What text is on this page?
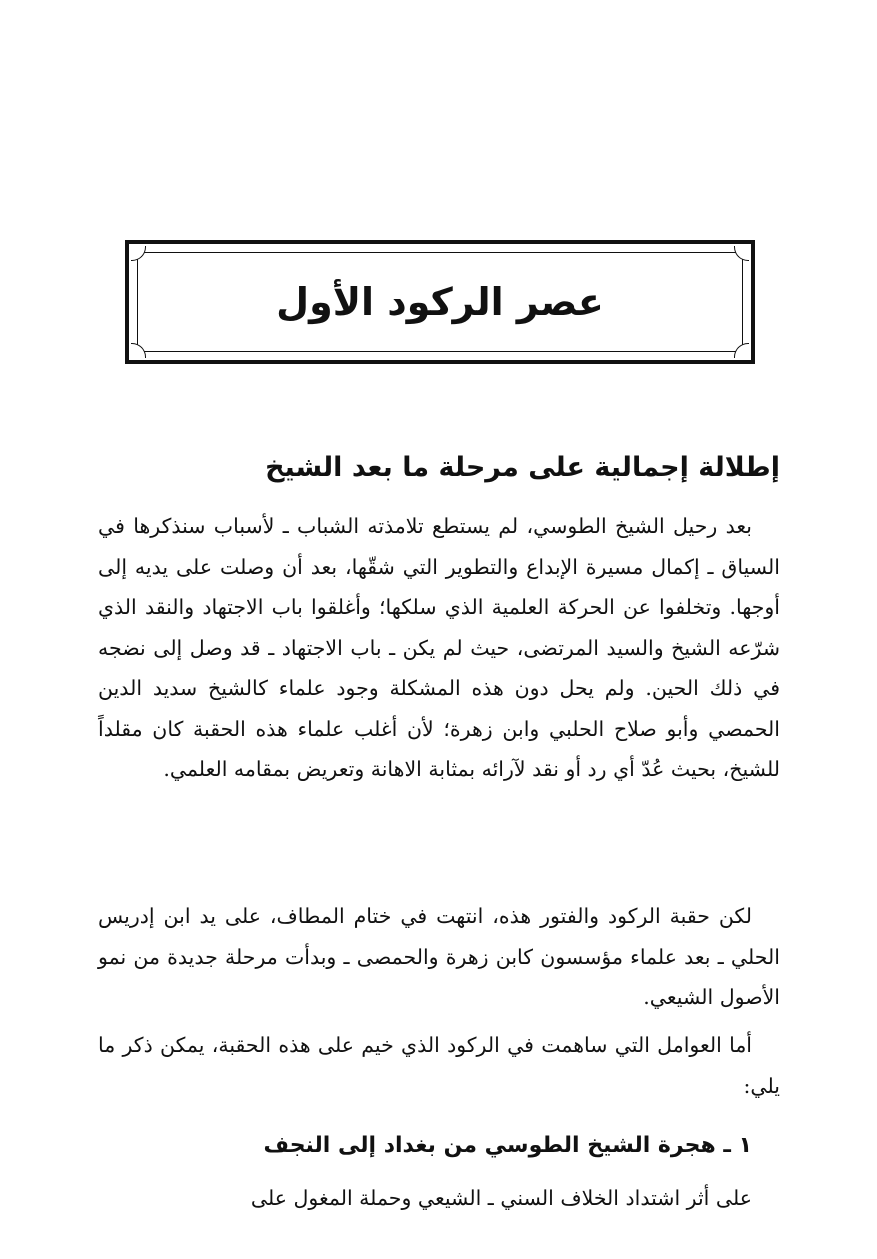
عصر الركود الأول
إطلالة إجمالية على مرحلة ما بعد الشيخ

بعد رحيل الشيخ الطوسي، لم يستطع تلامذته الشباب ـ لأسباب سنذكرها في السياق ـ إكمال مسيرة الإبداع والتطوير التي شقّها، بعد أن وصلت على يديه إلى أوجها. وتخلفوا عن الحركة العلمية الذي سلكها؛ وأغلقوا باب الاجتهاد والنقد الذي شرّعه الشيخ والسيد المرتضى، حيث لم يكن ـ باب الاجتهاد ـ قد وصل إلى نضجه في ذلك الحين. ولم يحل دون هذه المشكلة وجود علماء كالشيخ سديد الدين الحمصي وأبو صلاح الحلبي وابن زهرة؛ لأن أغلب علماء هذه الحقبة كان مقلداً للشيخ، بحيث عُدّ أي رد أو نقد لآرائه بمثابة الاهانة وتعريض بمقامه العلمي.

لكن حقبة الركود والفتور هذه، انتهت في ختام المطاف، على يد ابن إدريس الحلي ـ بعد علماء مؤسسون كابن زهرة والحمصى ـ وبدأت مرحلة جديدة من نمو الأصول الشيعي.

أما العوامل التي ساهمت في الركود الذي خيم على هذه الحقبة، يمكن ذكر ما يلي:

١ ـ هجرة الشيخ الطوسي من بغداد إلى النجف

على أثر اشتداد الخلاف السني ـ الشيعي وحملة المغول على
